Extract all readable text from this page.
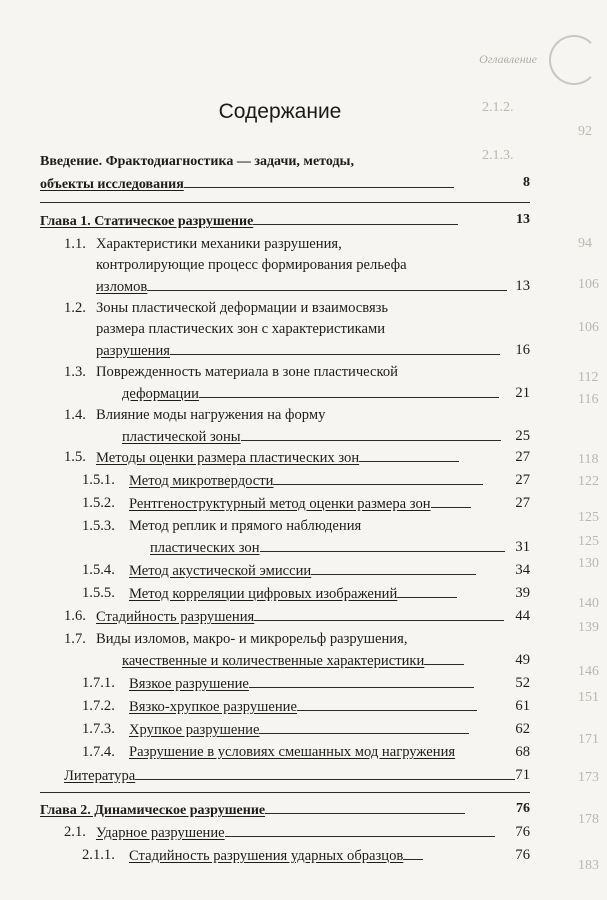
Оглавление
2.1.2.
2.1.3.
92
94
106
106
112
116
118
122
125
125
130
140
139
146
151
171
173
178
183
Содержание
Введение. Фрактодиагностика — задачи, методы,
объекты исследования	8
Глава 1. Статическое разрушение	13
1.1. Характеристики механики разрушения,
контролирующие процесс формирования рельефа
изломов	13
1.2. Зоны пластической деформации и взаимосвязь
размера пластических зон с характеристиками
разрушения	16
1.3. Поврежденность материала в зоне пластической
деформации	21
1.4. Влияние моды нагружения на форму
пластической зоны	25
1.5. Методы оценки размера пластических зон	27
1.5.1. Метод микротвердости	27
1.5.2. Рентгеноструктурный метод оценки размера зон	27
1.5.3. Метод реплик и прямого наблюдения
пластических зон	31
1.5.4. Метод акустической эмиссии	34
1.5.5. Метод корреляции цифровых изображений	39
1.6. Стадийность разрушения	44
1.7. Виды изломов, макро- и микрорельф разрушения,
качественные и количественные характеристики	49
1.7.1. Вязкое разрушение	52
1.7.2. Вязко-хрупкое разрушение	61
1.7.3. Хрупкое разрушение	62
1.7.4. Разрушение в условиях смешанных мод нагружения	68
Литература	71
Глава 2. Динамическое разрушение	76
2.1. Ударное разрушение	76
2.1.1. Стадийность разрушения ударных образцов	76
